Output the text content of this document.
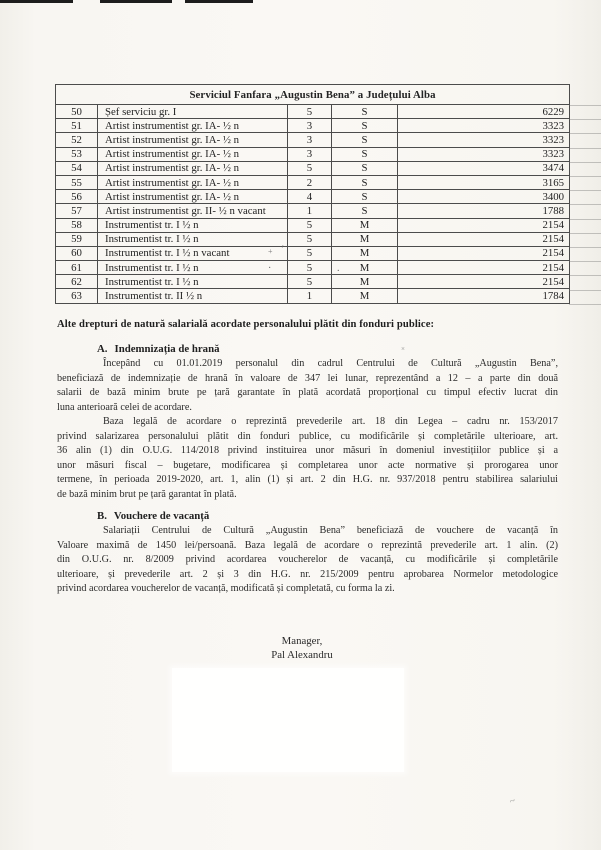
Serviciul Fanfara „Augustin Bena” a Județului Alba				
50	Șef serviciu gr. I	5	S	6229
51	Artist instrumentist gr. IA- ½ n	3	S	3323
52	Artist instrumentist gr. IA- ½ n	3	S	3323
53	Artist instrumentist gr. IA- ½ n	3	S	3323
54	Artist instrumentist gr. IA- ½ n	5	S	3474
55	Artist instrumentist gr. IA- ½ n	2	S	3165
56	Artist instrumentist gr. IA- ½ n	4	S	3400
57	Artist instrumentist gr. II- ½ n vacant	1	S	1788
58	Instrumentist tr. I ½ n	5	M	2154
59	Instrumentist tr. I ½ n	5	M	2154
60	Instrumentist tr. I ½ n vacant	5	M	2154
61	Instrumentist tr. I ½ n	5	M	2154
62	Instrumentist tr. I ½ n	5	M	2154
63	Instrumentist tr. II ½ n	1	M	1784
Alte drepturi de natură salarială acordate personalului plătit din fonduri publice:
A. Indemnizația de hrană
Începând cu 01.01.2019 personalul din cadrul Centrului de Cultură „Augustin Bena”,
beneficiază de indemnizație de hrană în valoare de 347 lei lunar, reprezentând a 12 – a parte din două
salarii de bază minim brute pe țară garantate în plată acordată proporțional cu timpul efectiv lucrat din
luna anterioară celei de acordare.
Baza legală de acordare o reprezintă prevederile art. 18 din Legea – cadru nr. 153/2017
privind salarizarea personalului plătit din fonduri publice, cu modificările și completările ulterioare, art.
36 alin (1) din O.U.G. 114/2018 privind instituirea unor măsuri în domeniul investițiilor publice și a
unor măsuri fiscal – bugetare, modificarea și completarea unor acte normative și prorogarea unor
termene, în perioada 2019-2020, art. 1, alin (1) și art. 2 din H.G. nr. 937/2018 pentru stabilirea salariului
de bază minim brut pe țară garantat în plată.
B. Vouchere de vacanță
Salariații Centrului de Cultură „Augustin Bena” beneficiază de vouchere de vacanță în
Valoare maximă de 1450 lei/persoană. Baza legală de acordare o reprezintă prevederile art. 1 alin. (2)
din O.U.G. nr. 8/2009 privind acordarea voucherelor de vacanță, cu modificările și completările
ulterioare, și prevederile art. 2 și 3 din H.G. nr. 215/2009 pentru aprobarea Normelor metodologice
privind acordarea voucherelor de vacanță, modificată și completată, cu forma la zi.
Manager,
Pal Alexandru
+ ʹ
·	.
×
~
